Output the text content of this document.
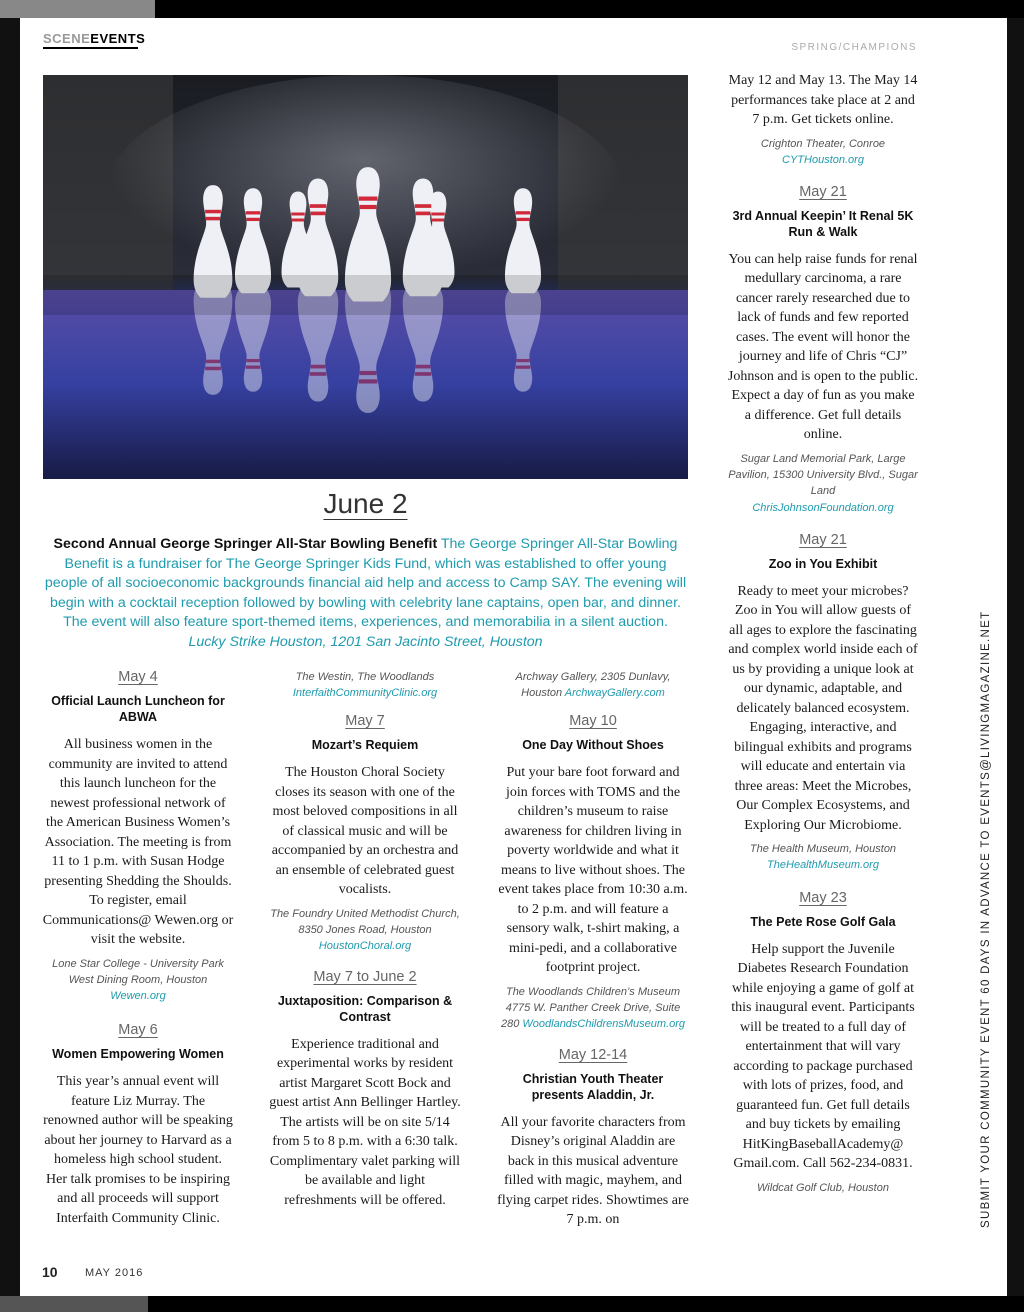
SCENEEVENTS
SPRING/CHAMPIONS
June 2
Second Annual George Springer All-Star Bowling Benefit The George Springer All-Star Bowling Benefit is a fundraiser for The George Springer Kids Fund, which was established to offer young people of all socioeconomic backgrounds financial aid help and access to Camp SAY. The evening will begin with a cocktail reception followed by bowling with celebrity lane captains, open bar, and dinner. The event will also feature sport-themed items, experiences, and memorabilia in a silent auction. Lucky Strike Houston, 1201 San Jacinto Street, Houston

May 4

Official Launch Luncheon for ABWA

All business women in the community are invited to attend this launch luncheon for the newest professional network of the American Business Women’s Association. The meeting is from 11 to 1 p.m. with Susan Hodge presenting Shedding the Shoulds. To register, email Communications@ Wewen.org or visit the website.

Lone Star College - University Park West Dining Room, Houston
Wewen.org

May 6

Women Empowering Women

This year’s annual event will feature Liz Murray. The renowned author will be speaking about her journey to Harvard as a homeless high school student. Her talk promises to be inspiring and all proceeds will support Interfaith Community Clinic.

The Westin, The Woodlands
InterfaithCommunityClinic.org

May 7

Mozart’s Requiem

The Houston Choral Society closes its season with one of the most beloved compositions in all of classical music and will be accompanied by an orchestra and an ensemble of celebrated guest vocalists.

The Foundry United Methodist Church, 8350 Jones Road, Houston
HoustonChoral.org

May 7 to June 2

Juxtaposition: Comparison & Contrast

Experience traditional and experimental works by resident artist Margaret Scott Bock and guest artist Ann Bellinger Hartley. The artists will be on site 5/14 from 5 to 8 p.m. with a 6:30 talk. Complimentary valet parking will be available and light refreshments will be offered.

Archway Gallery, 2305 Dunlavy, Houston ArchwayGallery.com

May 10

One Day Without Shoes

Put your bare foot forward and join forces with TOMS and the children’s museum to raise awareness for children living in poverty worldwide and what it means to live without shoes. The event takes place from 10:30 a.m. to 2 p.m. and will feature a sensory walk, t-shirt making, a mini-pedi, and a collaborative footprint project.

The Woodlands Children’s Museum 4775 W. Panther Creek Drive, Suite 280 WoodlandsChildrensMuseum.org

May 12-14

Christian Youth Theater presents Aladdin, Jr.

All your favorite characters from Disney’s original Aladdin are back in this musical adventure filled with magic, mayhem, and flying carpet rides. Showtimes are 7 p.m. on

May 12 and May 13. The May 14 performances take place at 2 and 7 p.m. Get tickets online.

Crighton Theater, Conroe
CYTHouston.org

May 21

3rd Annual Keepin’ It Renal 5K Run & Walk

You can help raise funds for renal medullary carcinoma, a rare cancer rarely researched due to lack of funds and few reported cases. The event will honor the journey and life of Chris “CJ” Johnson and is open to the public. Expect a day of fun as you make a difference. Get full details online.

Sugar Land Memorial Park, Large Pavilion, 15300 University Blvd., Sugar Land
ChrisJohnsonFoundation.org

May 21

Zoo in You Exhibit

Ready to meet your microbes? Zoo in You will allow guests of all ages to explore the fascinating and complex world inside each of us by providing a unique look at our dynamic, adaptable, and delicately balanced ecosystem. Engaging, interactive, and bilingual exhibits and programs will educate and entertain via three areas: Meet the Microbes, Our Complex Ecosystems, and Exploring Our Microbiome.

The Health Museum, Houston
TheHealthMuseum.org

May 23

The Pete Rose Golf Gala

Help support the Juvenile Diabetes Research Foundation while enjoying a game of golf at this inaugural event. Participants will be treated to a full day of entertainment that will vary according to package purchased with lots of prizes, food, and guaranteed fun. Get full details and buy tickets by emailing HitKingBaseballAcademy@ Gmail.com. Call 562-234-0831.

Wildcat Golf Club, Houston	SUBMIT YOUR COMMUNITY EVENT 60 DAYS IN ADVANCE TO EVENTS@LIVINGMAGAZINE.NET
10 MAY 2016
